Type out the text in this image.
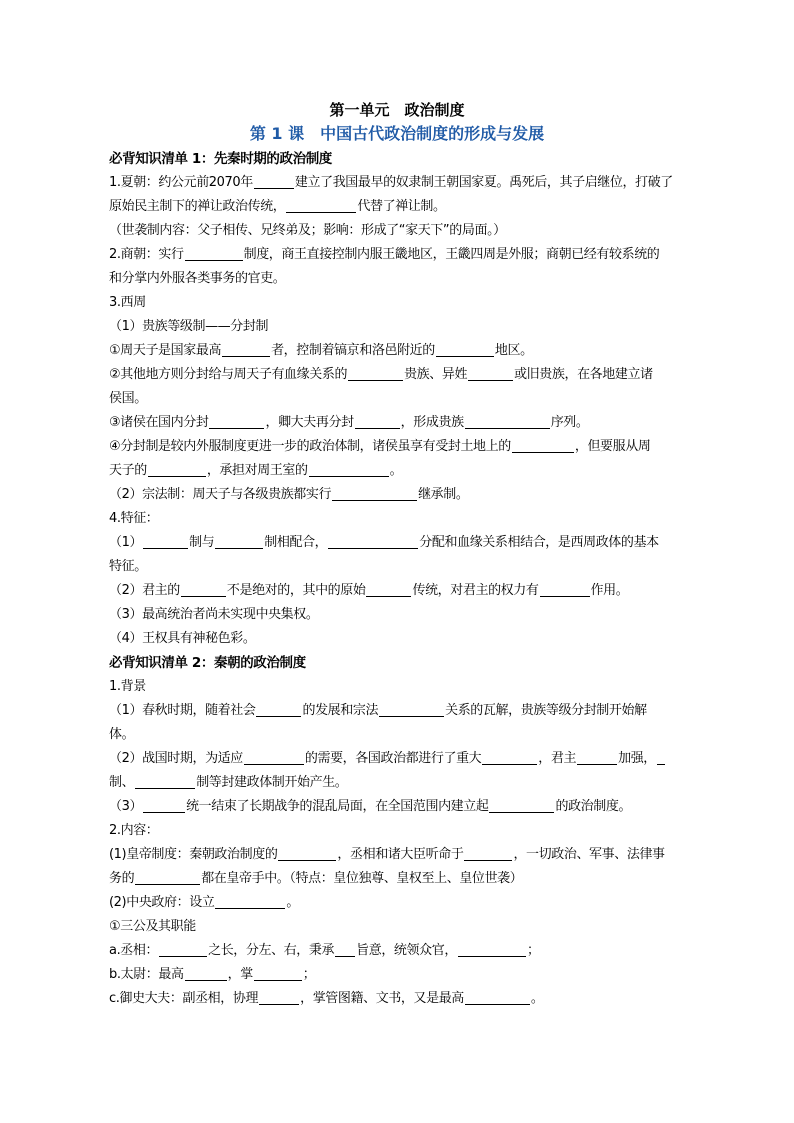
第一单元　政治制度
第 1 课　中国古代政治制度的形成与发展
必背知识清单 1：先秦时期的政治制度
1.夏朝：约公元前2070年	建立了我国最早的奴隶制王朝国家夏。禹死后，其子启继位，打破了
原始民主制下的禅让政治传统，	代替了禅让制。
（世袭制内容：父子相传、兄终弟及；影响：形成了“家天下”的局面。）
2.商朝：实行	制度，商王直接控制内服王畿地区，王畿四周是外服；商朝已经有较系统的
和分掌内外服各类事务的官吏。
3.西周
（1）贵族等级制——分封制
①周天子是国家最高	者，控制着镐京和洛邑附近的	地区。
②其他地方则分封给与周天子有血缘关系的	贵族、异姓	或旧贵族，在各地建立诸
侯国。
③诸侯在国内分封	，卿大夫再分封	，形成贵族	序列。
④分封制是较内外服制度更进一步的政治体制，诸侯虽享有受封土地上的	，但要服从周
天子的	，承担对周王室的	。
（2）宗法制：周天子与各级贵族都实行	继承制。
4.特征：
（1）	制与	制相配合，	分配和血缘关系相结合，是西周政体的基本
特征。
（2）君主的	不是绝对的，其中的原始	传统，对君主的权力有	作用。
（3）最高统治者尚未实现中央集权。
（4）王权具有神秘色彩。
必背知识清单 2：秦朝的政治制度
1.背景
（1）春秋时期，随着社会	的发展和宗法	关系的瓦解，贵族等级分封制开始解
体。
（2）战国时期，为适应	的需要，各国政治都进行了重大	，君主	加强，
制、	制等封建政体制开始产生。
（3）	统一结束了长期战争的混乱局面，在全国范围内建立起	的政治制度。
2.内容：
(1)皇帝制度：秦朝政治制度的	，丞相和诸大臣听命于	，一切政治、军事、法律事
务的	都在皇帝手中。（特点：皇位独尊、皇权至上、皇位世袭）
(2)中央政府：设立	。
①三公及其职能
a.丞相：	之长，分左、右，秉承 旨意，统领众官，	；
b.太尉：最高	，掌	；
c.御史大夫：副丞相，协理	，掌管图籍、文书，又是最高	。
